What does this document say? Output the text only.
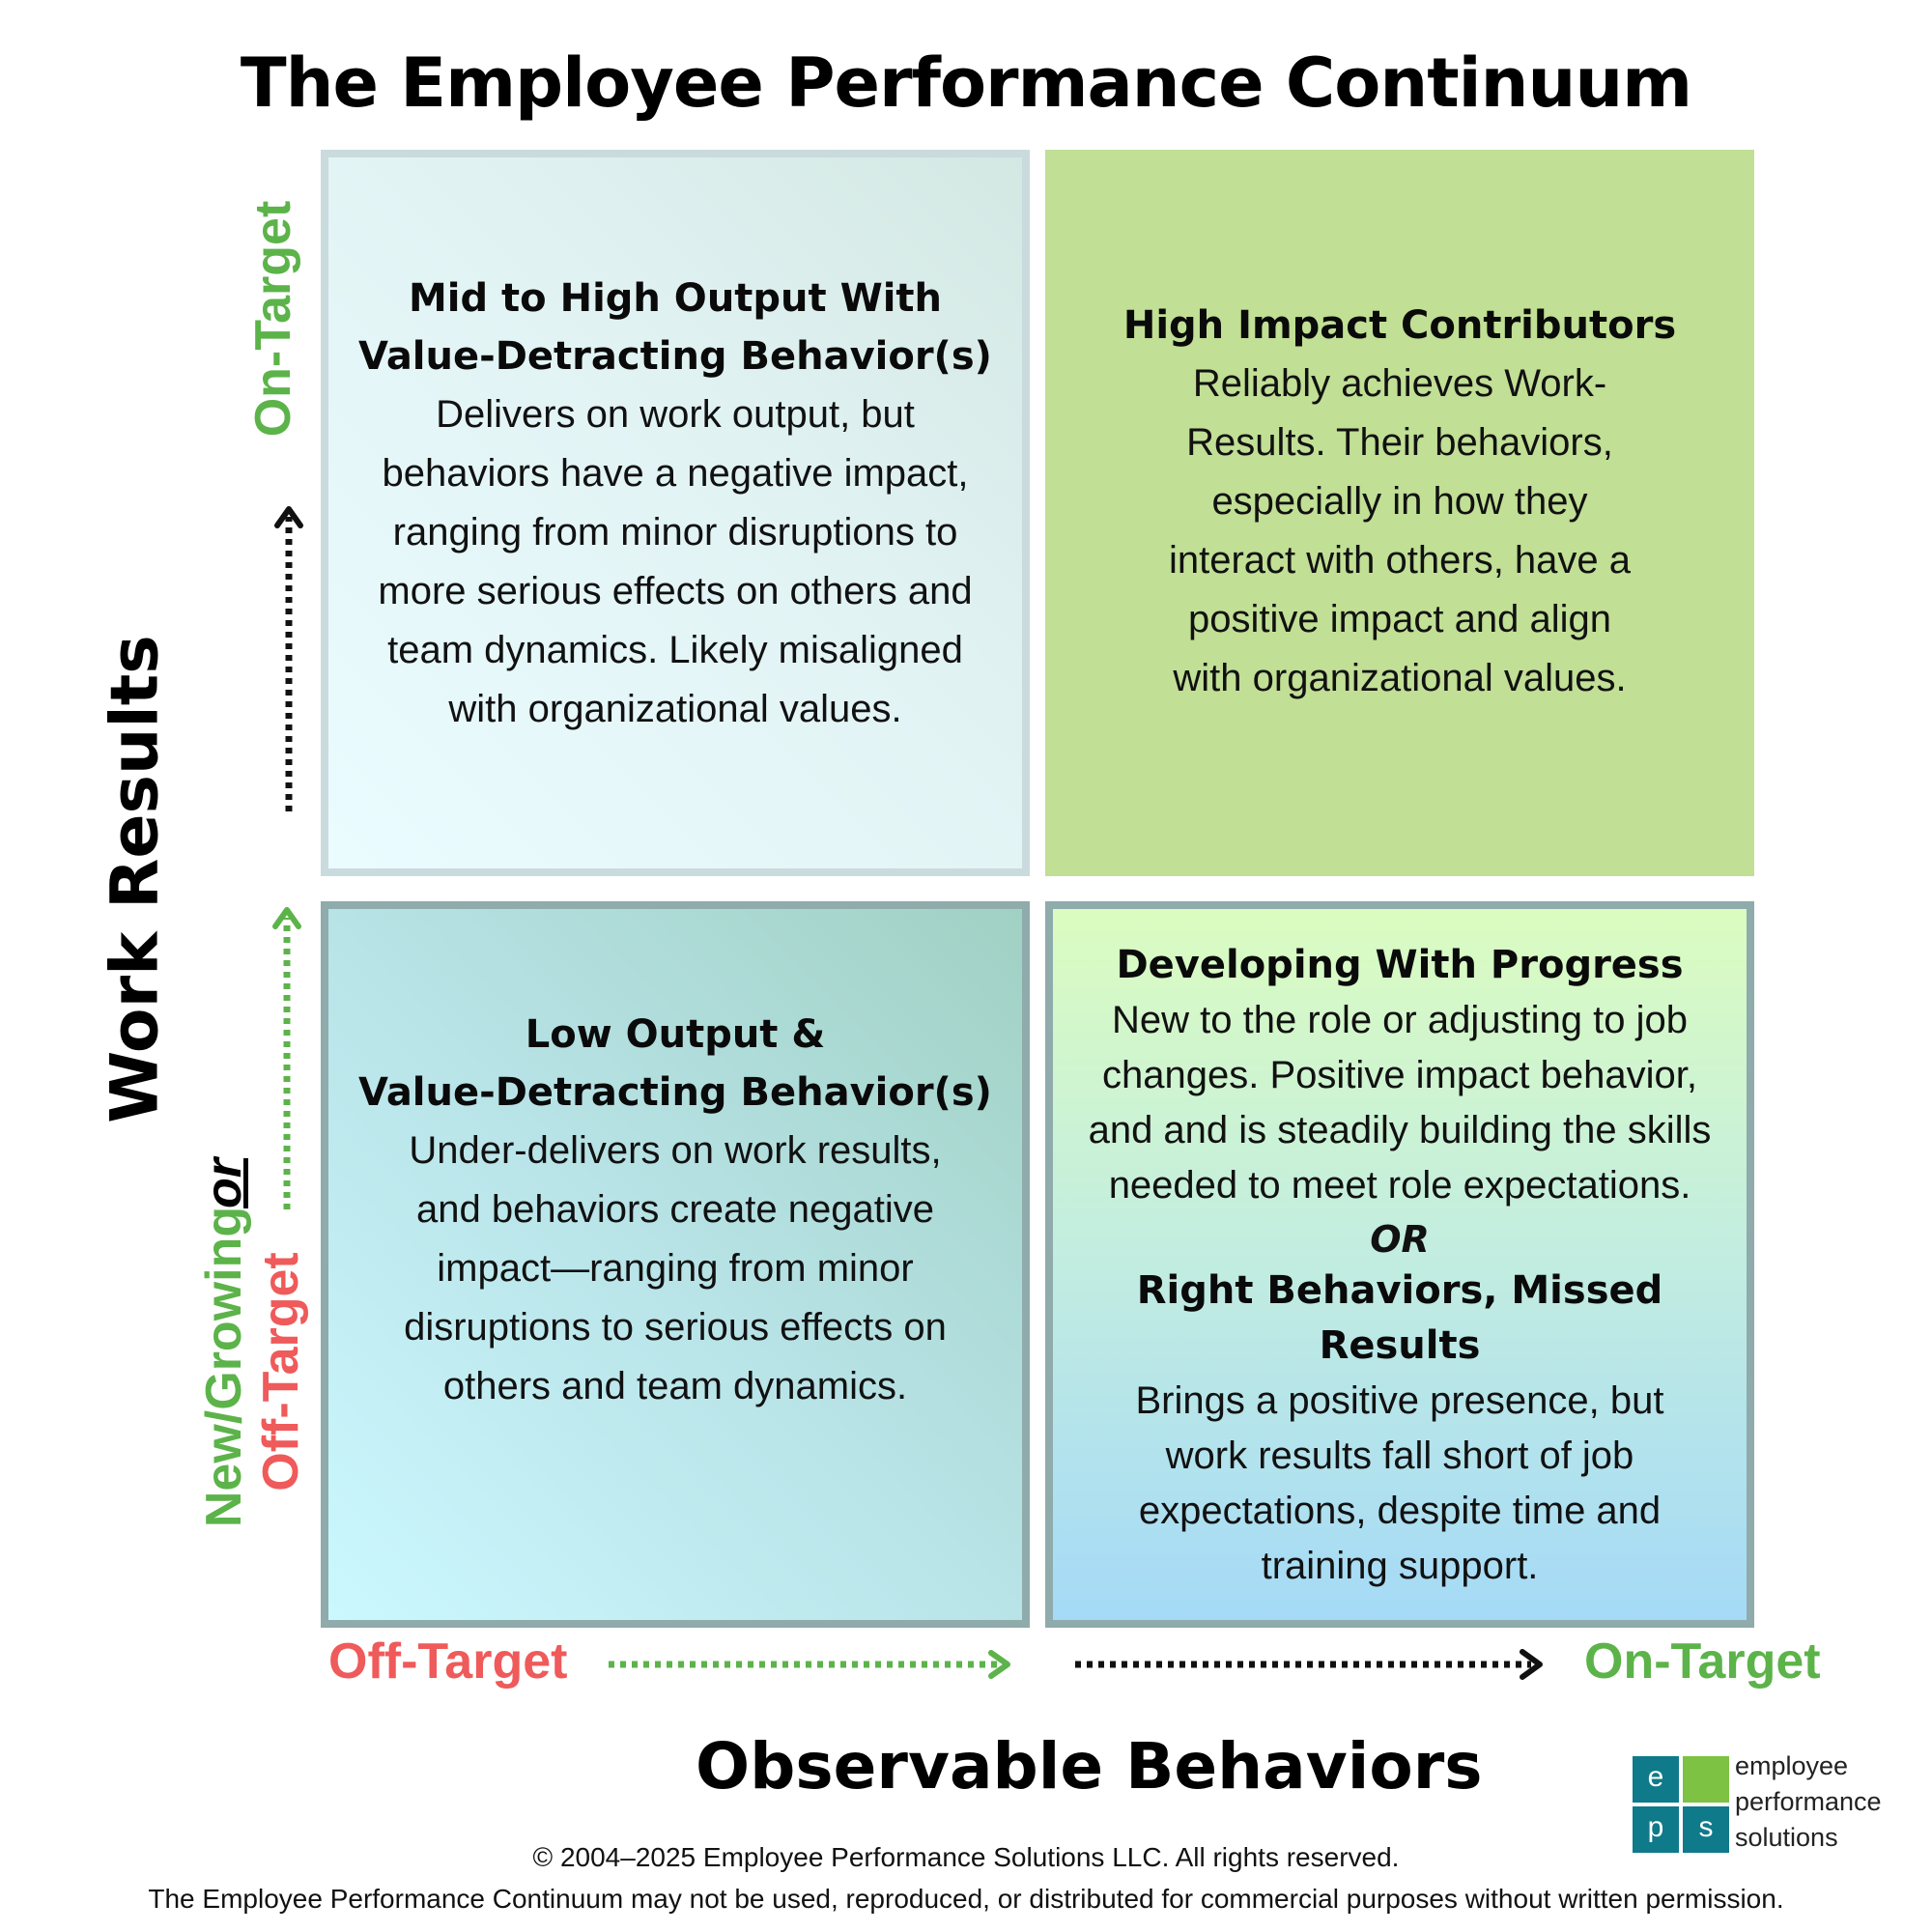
The Employee Performance Continuum
Mid to High Output With
Value-Detracting Behavior(s)
Delivers on work output, but
behaviors have a negative impact,
ranging from minor disruptions to
more serious effects on others and
team dynamics. Likely misaligned
with organizational values.
High Impact Contributors
Reliably achieves Work-
Results. Their behaviors,
especially in how they
interact with others, have a
positive impact and align
with organizational values.
Low Output &
Value-Detracting Behavior(s)
Under-delivers on work results,
and behaviors create negative
impact—ranging from minor
disruptions to serious effects on
others and team dynamics.
Developing With Progress
New to the role or adjusting to job
changes. Positive impact behavior,
and and is steadily building the skills
needed to meet role expectations.
OR
Right Behaviors, Missed
Results
Brings a positive presence, but
work results fall short of job
expectations, despite time and
training support.
Work Results
On-Target
New/Growing
or
Off-Target
Off-Target	On-Target
Observable Behaviors	e
p	s
employee
performance
solutions
© 2004–2025 Employee Performance Solutions LLC. All rights reserved.
The Employee Performance Continuum may not be used, reproduced, or distributed for commercial purposes without written permission.
